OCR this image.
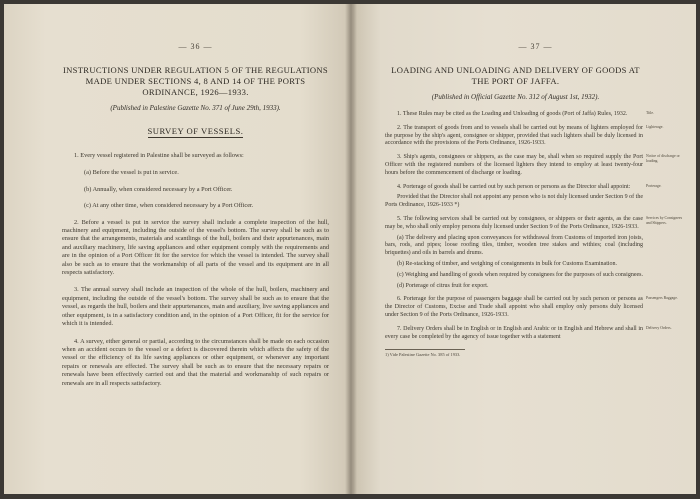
— 36 —
INSTRUCTIONS UNDER REGULATION 5 OF THE REGULATIONS MADE UNDER SECTIONS 4, 8 AND 14 OF THE PORTS ORDINANCE, 1926—1933.
(Published in Palestine Gazette No. 371 of June 29th, 1933).
SURVEY OF VESSELS.
1. Every vessel registered in Palestine shall be surveyed as follows:
(a) Before the vessel is put in service.
(b) Annually, when considered necessary by a Port Officer.
(c) At any other time, when considered necessary by a Port Officer.
2. Before a vessel is put in service the survey shall include a complete inspection of the hull, machinery and equipment, including the outside of the vessel's bottom. The survey shall be such as to ensure that the arrangements, materials and scantlings of the hull, boilers and their appurtenances, main and auxiliary machinery, life saving appliances and other equipment comply with the requirements and are in the opinion of a Port Officer fit for the service for which the vessel is intended. The survey shall also be such as to ensure that the workmanship of all parts of the vessel and its equipment are in all respects satisfactory.
3. The annual survey shall include an inspection of the whole of the hull, boilers, machinery and equipment, including the outside of the vessel's bottom. The survey shall be such as to ensure that the vessel, as regards the hull, boilers and their appurtenances, main and auxiliary, live saving appliances and other equipment, is in a satisfactory condition and, in the opinion of a Port Officer, fit for the service for which it is intended.
4. A survey, either general or partial, according to the circumstances shall be made on each occasion when an accident occurs to the vessel or a defect is discovered therein which affects the safety of the vessel or the efficiency of its life saving appliances or other equipment, or whenever any important repairs or renewals are effected. The survey shall be such as to ensure that the necessary repairs or renewals have been effectively carried out and that the material and workmanship of such repairs or renewals are in all respects satisfactory.
— 37 —
LOADING AND UNLOADING AND DELIVERY OF GOODS AT THE PORT OF JAFFA.
(Published in Official Gazette No. 312 of August 1st, 1932).
1. These Rules may be cited as the Loading and Unloading of goods (Port of Jaffa) Rules, 1932.	Title.
2. The transport of goods from and to vessels shall be carried out by means of lighters employed for the purpose by the ship's agent, consignee or shipper, provided that such lighters shall be duly licensed in accordance with the provisions of the Ports Ordinance, 1926-1933.
Lighterage.
3. Ship's agents, consignees or shippers, as the case may be, shall when so required supply the Port Officer with the registered numbers of the licensed lighters they intend to employ at least twenty-four hours before the commencement of discharge or loading.
Notice of discharge or loading.
4. Porterage of goods shall be carried out by such person or persons as the Director shall appoint:	Porterage.
Provided that the Director shall not appoint any person who is not duly licensed under Section 9 of the Ports Ordinance, 1926-1933 *)
5. The following services shall be carried out by consignees, or shippers or their agents, as the case may be, who shall only employ persons duly licensed under Section 9 of the Ports Ordinance, 1926-1933.
Services by Consignees and Shippers.
(a) The delivery and placing upon conveyances for withdrawal from Customs of imported iron joists, bars, rods, and pipes; loose roofing tiles, timber, wooden tree stakes and withies; coal (including briquettes) and oils in barrels and drums.
(b) Re-stacking of timber, and weighing of consignments in bulk for Customs Examination.
(c) Weighing and handling of goods when required by consignees for the purposes of such consignees.
(d) Porterage of citrus fruit for export.
6. Porterage for the purpose of passengers baggage shall be carried out by such person or persons as the Director of Customs, Excise and Trade shall appoint who shall employ only persons duly licensed under Section 9 of the Ports Ordinance, 1926-1933.
Passengers Baggage.
7. Delivery Orders shall be in English or in English and Arabic or in English and Hebrew and shall in every case be completed by the agency of issue together with a statement
Delivery Orders.
1) Vide Palestine Gazette No. 385 of 1933.
